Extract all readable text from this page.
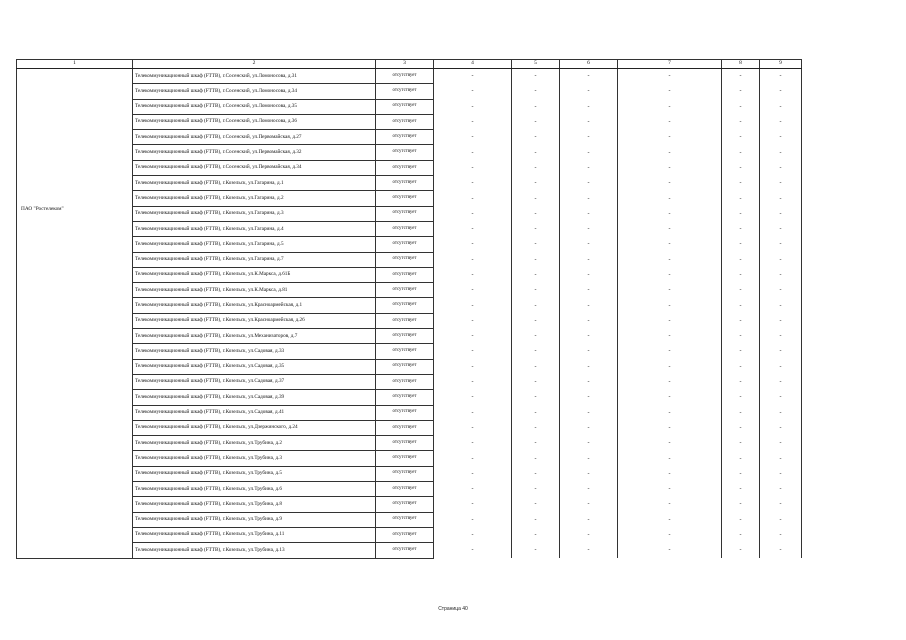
1	2	3	4	5	6	7	8	9
ПАО "Ростелеком"	Телекоммуникационный шкаф (FTTB), г.Сосенский, ул.Ломоносова, д.31	отсутствует	-	-	-	-	-	-
	Телекоммуникационный шкаф (FTTB), г.Сосенский, ул.Ломоносова, д.34	отсутствует	-	-	-	-	-	-
	Телекоммуникационный шкаф (FTTB), г.Сосенский, ул.Ломоносова, д.35	отсутствует	-	-	-	-	-	-
	Телекоммуникационный шкаф (FTTB), г.Сосенский, ул.Ломоносова, д.36	отсутствует	-	-	-	-	-	-
	Телекоммуникационный шкаф (FTTB), г.Сосенский, ул.Первомайская, д.27	отсутствует	-	-	-	-	-	-
	Телекоммуникационный шкаф (FTTB), г.Сосенский, ул.Первомайская, д.32	отсутствует	-	-	-	-	-	-
	Телекоммуникационный шкаф (FTTB), г.Сосенский, ул.Первомайская, д.34	отсутствует	-	-	-	-	-	-
	Телекоммуникационный шкаф (FTTB), г.Козельск, ул.Гагарина, д.1	отсутствует	-	-	-	-	-	-
	Телекоммуникационный шкаф (FTTB), г.Козельск, ул.Гагарина, д.2	отсутствует	-	-	-	-	-	-
	Телекоммуникационный шкаф (FTTB), г.Козельск, ул.Гагарина, д.3	отсутствует	-	-	-	-	-	-
	Телекоммуникационный шкаф (FTTB), г.Козельск, ул.Гагарина, д.4	отсутствует	-	-	-	-	-	-
	Телекоммуникационный шкаф (FTTB), г.Козельск, ул.Гагарина, д.5	отсутствует	-	-	-	-	-	-
	Телекоммуникационный шкаф (FTTB), г.Козельск, ул.Гагарина, д.7	отсутствует	-	-	-	-	-	-
	Телекоммуникационный шкаф (FTTB), г.Козельск, ул.К.Маркса, д.61Б	отсутствует	-	-	-	-	-	-
	Телекоммуникационный шкаф (FTTB), г.Козельск, ул.К.Маркса, д.81	отсутствует	-	-	-	-	-	-
	Телекоммуникационный шкаф (FTTB), г.Козельск, ул.Красноармейская, д.1	отсутствует	-	-	-	-	-	-
	Телекоммуникационный шкаф (FTTB), г.Козельск, ул.Красноармейская, д.26	отсутствует	-	-	-	-	-	-
	Телекоммуникационный шкаф (FTTB), г.Козельск, ул.Механизаторов, д.7	отсутствует	-	-	-	-	-	-
	Телекоммуникационный шкаф (FTTB), г.Козельск, ул.Садовая, д.33	отсутствует	-	-	-	-	-	-
	Телекоммуникационный шкаф (FTTB), г.Козельск, ул.Садовая, д.35	отсутствует	-	-	-	-	-	-
	Телекоммуникационный шкаф (FTTB), г.Козельск, ул.Садовая, д.37	отсутствует	-	-	-	-	-	-
	Телекоммуникационный шкаф (FTTB), г.Козельск, ул.Садовая, д.39	отсутствует	-	-	-	-	-	-
	Телекоммуникационный шкаф (FTTB), г.Козельск, ул.Садовая, д.41	отсутствует	-	-	-	-	-	-
	Телекоммуникационный шкаф (FTTB), г.Козельск, ул.Дзержинского, д.24	отсутствует	-	-	-	-	-	-
	Телекоммуникационный шкаф (FTTB), г.Козельск, ул.Трубина, д.2	отсутствует	-	-	-	-	-	-
	Телекоммуникационный шкаф (FTTB), г.Козельск, ул.Трубина, д.3	отсутствует	-	-	-	-	-	-
	Телекоммуникационный шкаф (FTTB), г.Козельск, ул.Трубина, д.5	отсутствует	-	-	-	-	-	-
	Телекоммуникационный шкаф (FTTB), г.Козельск, ул.Трубина, д.6	отсутствует	-	-	-	-	-	-
	Телекоммуникационный шкаф (FTTB), г.Козельск, ул.Трубина, д.8	отсутствует	-	-	-	-	-	-
	Телекоммуникационный шкаф (FTTB), г.Козельск, ул.Трубина, д.9	отсутствует	-	-	-	-	-	-
	Телекоммуникационный шкаф (FTTB), г.Козельск, ул.Трубина, д.11	отсутствует	-	-	-	-	-	-
	Телекоммуникационный шкаф (FTTB), г.Козельск, ул.Трубина, д.13	отсутствует	-	-	-	-	-	-
Страница 40
